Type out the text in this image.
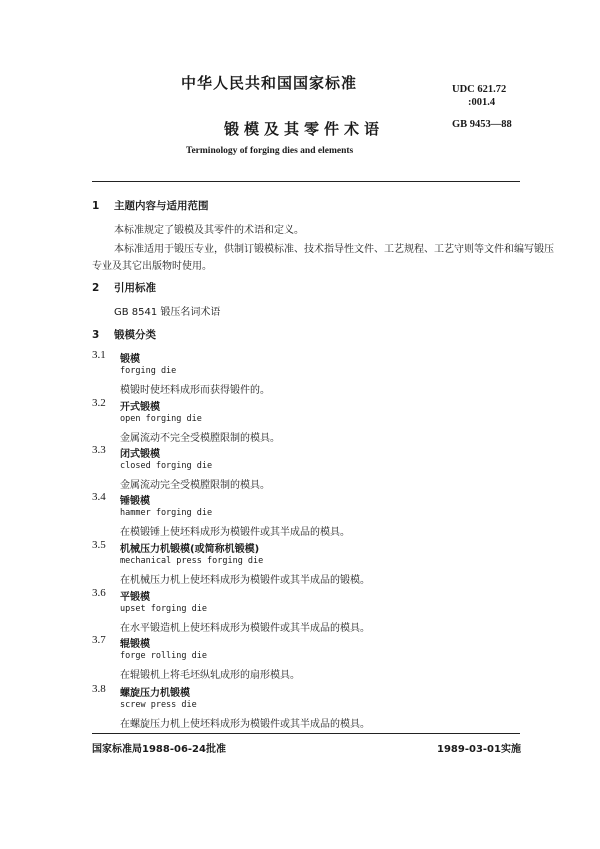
中华人民共和国国家标准	UDC 621.72
:001.4
锻模及其零件术语	GB 9453—88
Terminology of forging dies and elements
1 主题内容与适用范围
本标准规定了锻模及其零件的术语和定义。
本标准适用于锻压专业，供制订锻模标准、技术指导性文件、工艺规程、工艺守则等文件和编写锻压
专业及其它出版物时使用。
2 引用标准
GB 8541 锻压名词术语
3 锻模分类
3.1 锻模
forging die
模锻时使坯料成形而获得锻件的。
3.2 开式锻模
open forging die
金属流动不完全受模膛限制的模具。
3.3 闭式锻模
closed forging die
金属流动完全受模膛限制的模具。
3.4 锤锻模
hammer forging die
在模锻锤上使坯料成形为模锻件或其半成品的模具。
3.5 机械压力机锻模(或简称机锻模)
mechanical press forging die
在机械压力机上使坯料成形为模锻件或其半成品的锻模。
3.6 平锻模
upset forging die
在水平锻造机上使坯料成形为模锻件或其半成品的模具。
3.7 辊锻模
forge rolling die
在辊锻机上将毛坯纵轧成形的扇形模具。
3.8 螺旋压力机锻模
screw press die
在螺旋压力机上使坯料成形为模锻件或其半成品的模具。
国家标准局1988-06-24批准	1989-03-01实施
